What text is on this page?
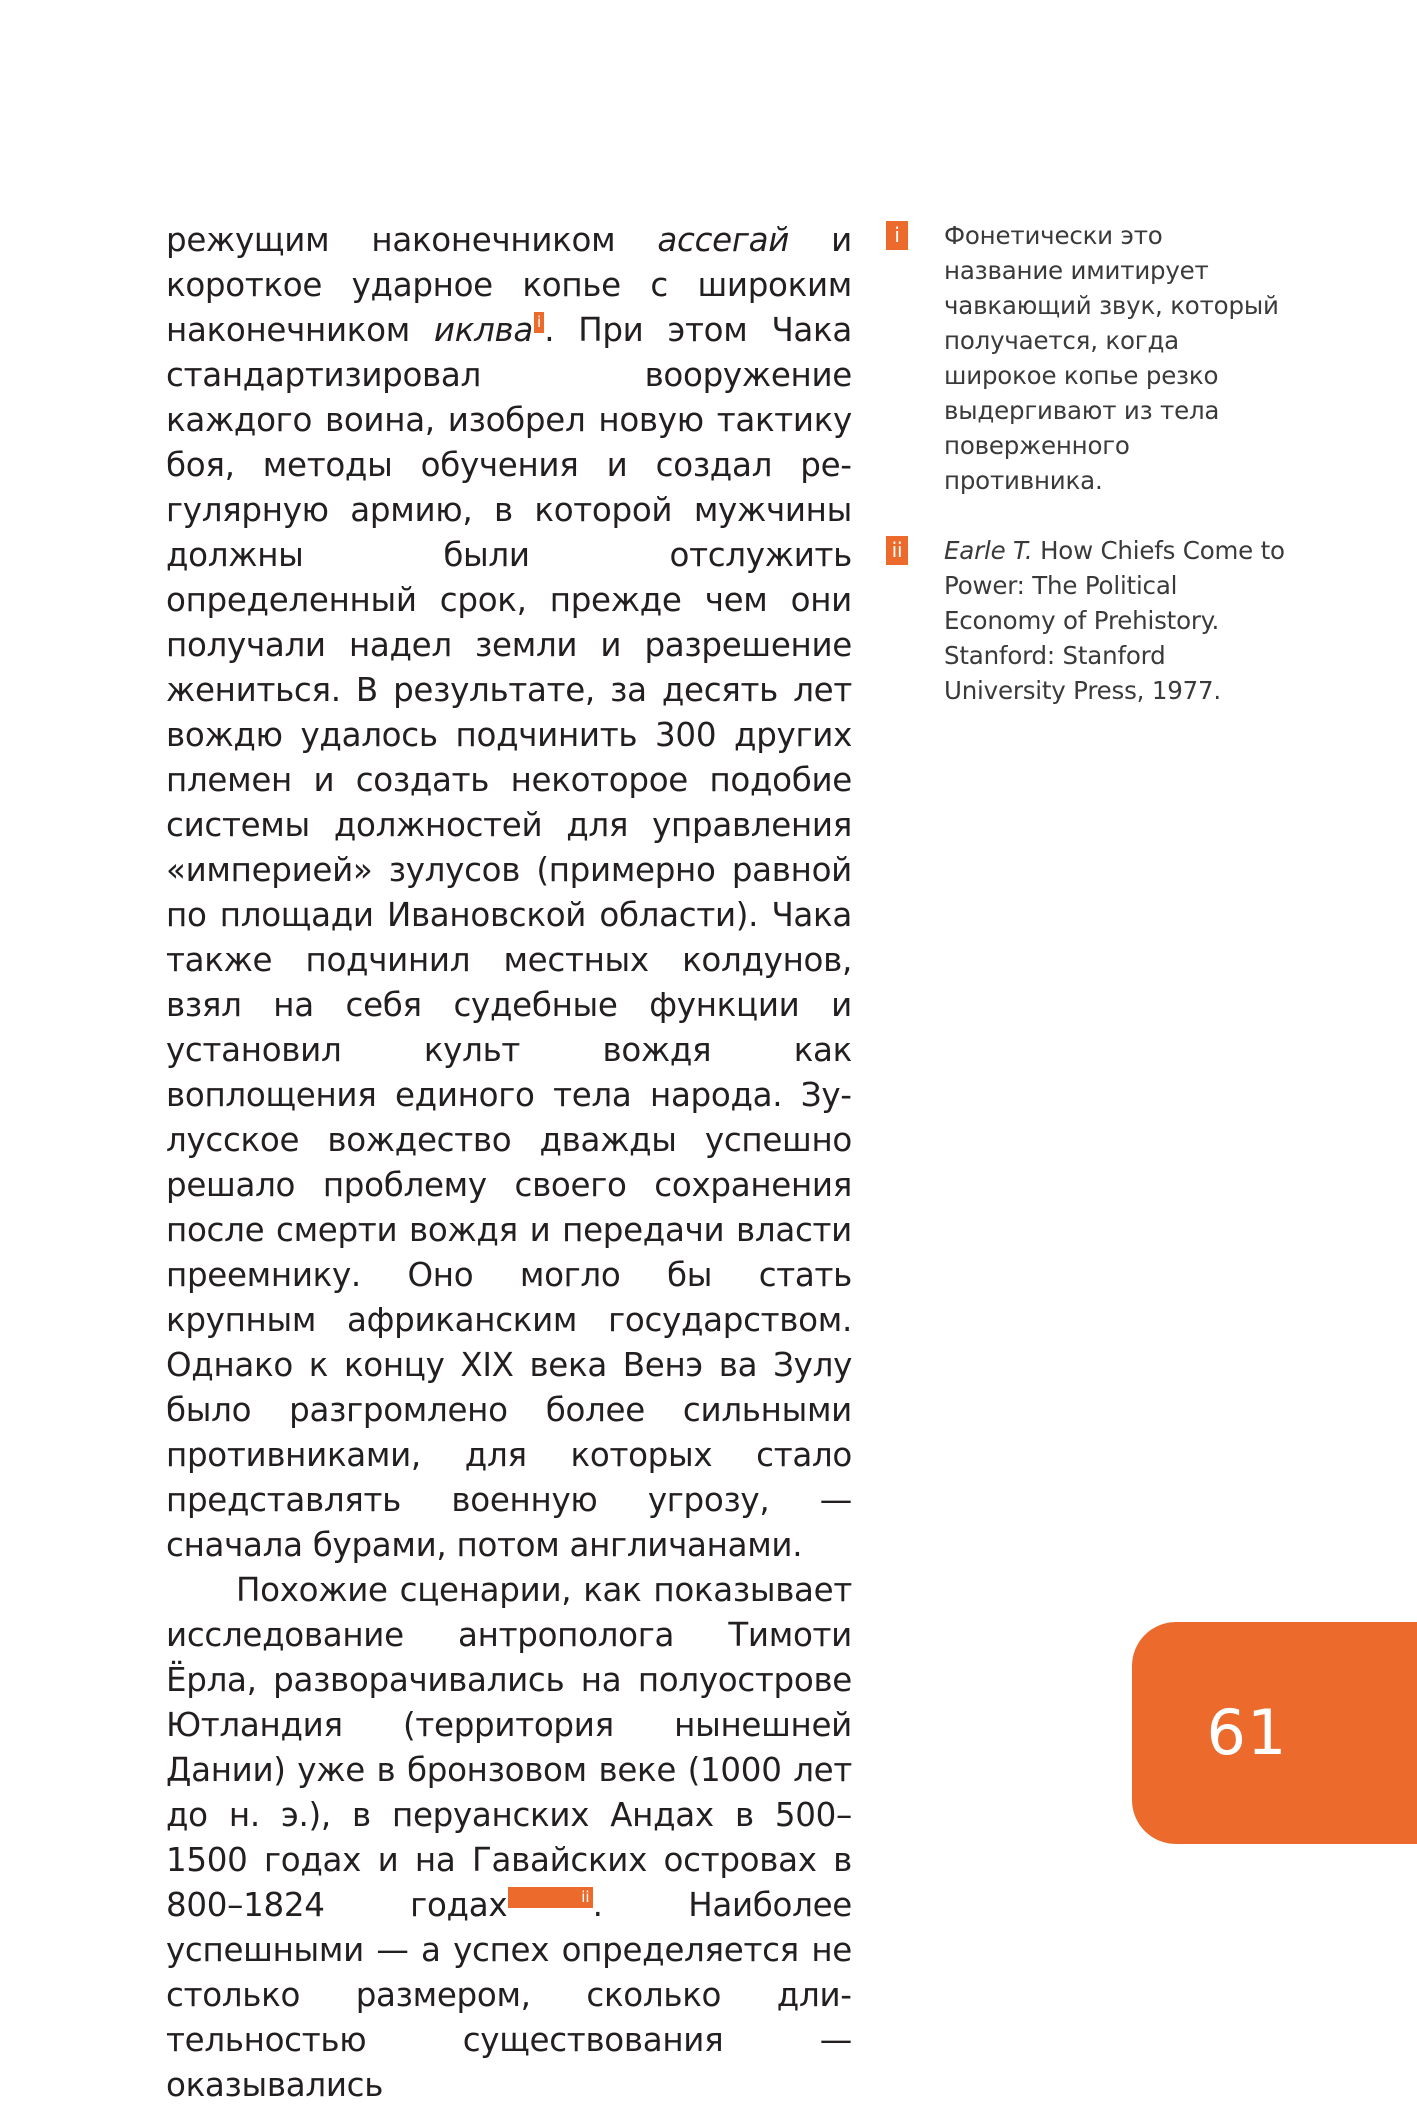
режущим наконечником ассегай и короткое ударное копье с широким наконечником иклва i. При этом Чака стандартизировал вооружение каждого воина, изобрел новую тактику боя, методы обучения и создал регулярную армию, в которой мужчины должны были отслужить определенный срок, прежде чем они получали надел земли и разрешение жениться. В результате, за десять лет вождю удалось подчинить 300 других племен и создать некоторое подобие системы должностей для управления «империей» зулусов (примерно равной по площади Ивановской области). Чака также подчинил местных колдунов, взял на себя судебные функции и установил культ вождя как воплощения единого тела народа. Зулусское вождество дважды успешно решало проблему своего сохранения после смерти вождя и передачи власти преемнику. Оно могло бы стать крупным африканским государством. Однако к концу XIX века Венэ ва Зулу было разгромлено более сильными противниками, для которых стало представлять военную угрозу, — сначала бурами, потом англичанами.

Похожие сценарии, как показывает исследование антрополога Тимоти Ёрла, разворачивались на полуострове Ютландия (территория нынешней Дании) уже в бронзовом веке (1000 лет до н. э.), в перуанских Андах в 500–1500 годах и на Гавайских островах в 800–1824 годах	ii. Наиболее успешными — а успех определяется не столько размером, сколько длительностью существования — оказывались

i	Фонетически это название имитирует чавкающий звук, который получается, когда широкое копье резко выдергивают из тела поверженного противника.
ii Earle T. How Chiefs Come to Power: The Political Economy of Prehistory. Stanford: Stanford University Press, 1977.
61
